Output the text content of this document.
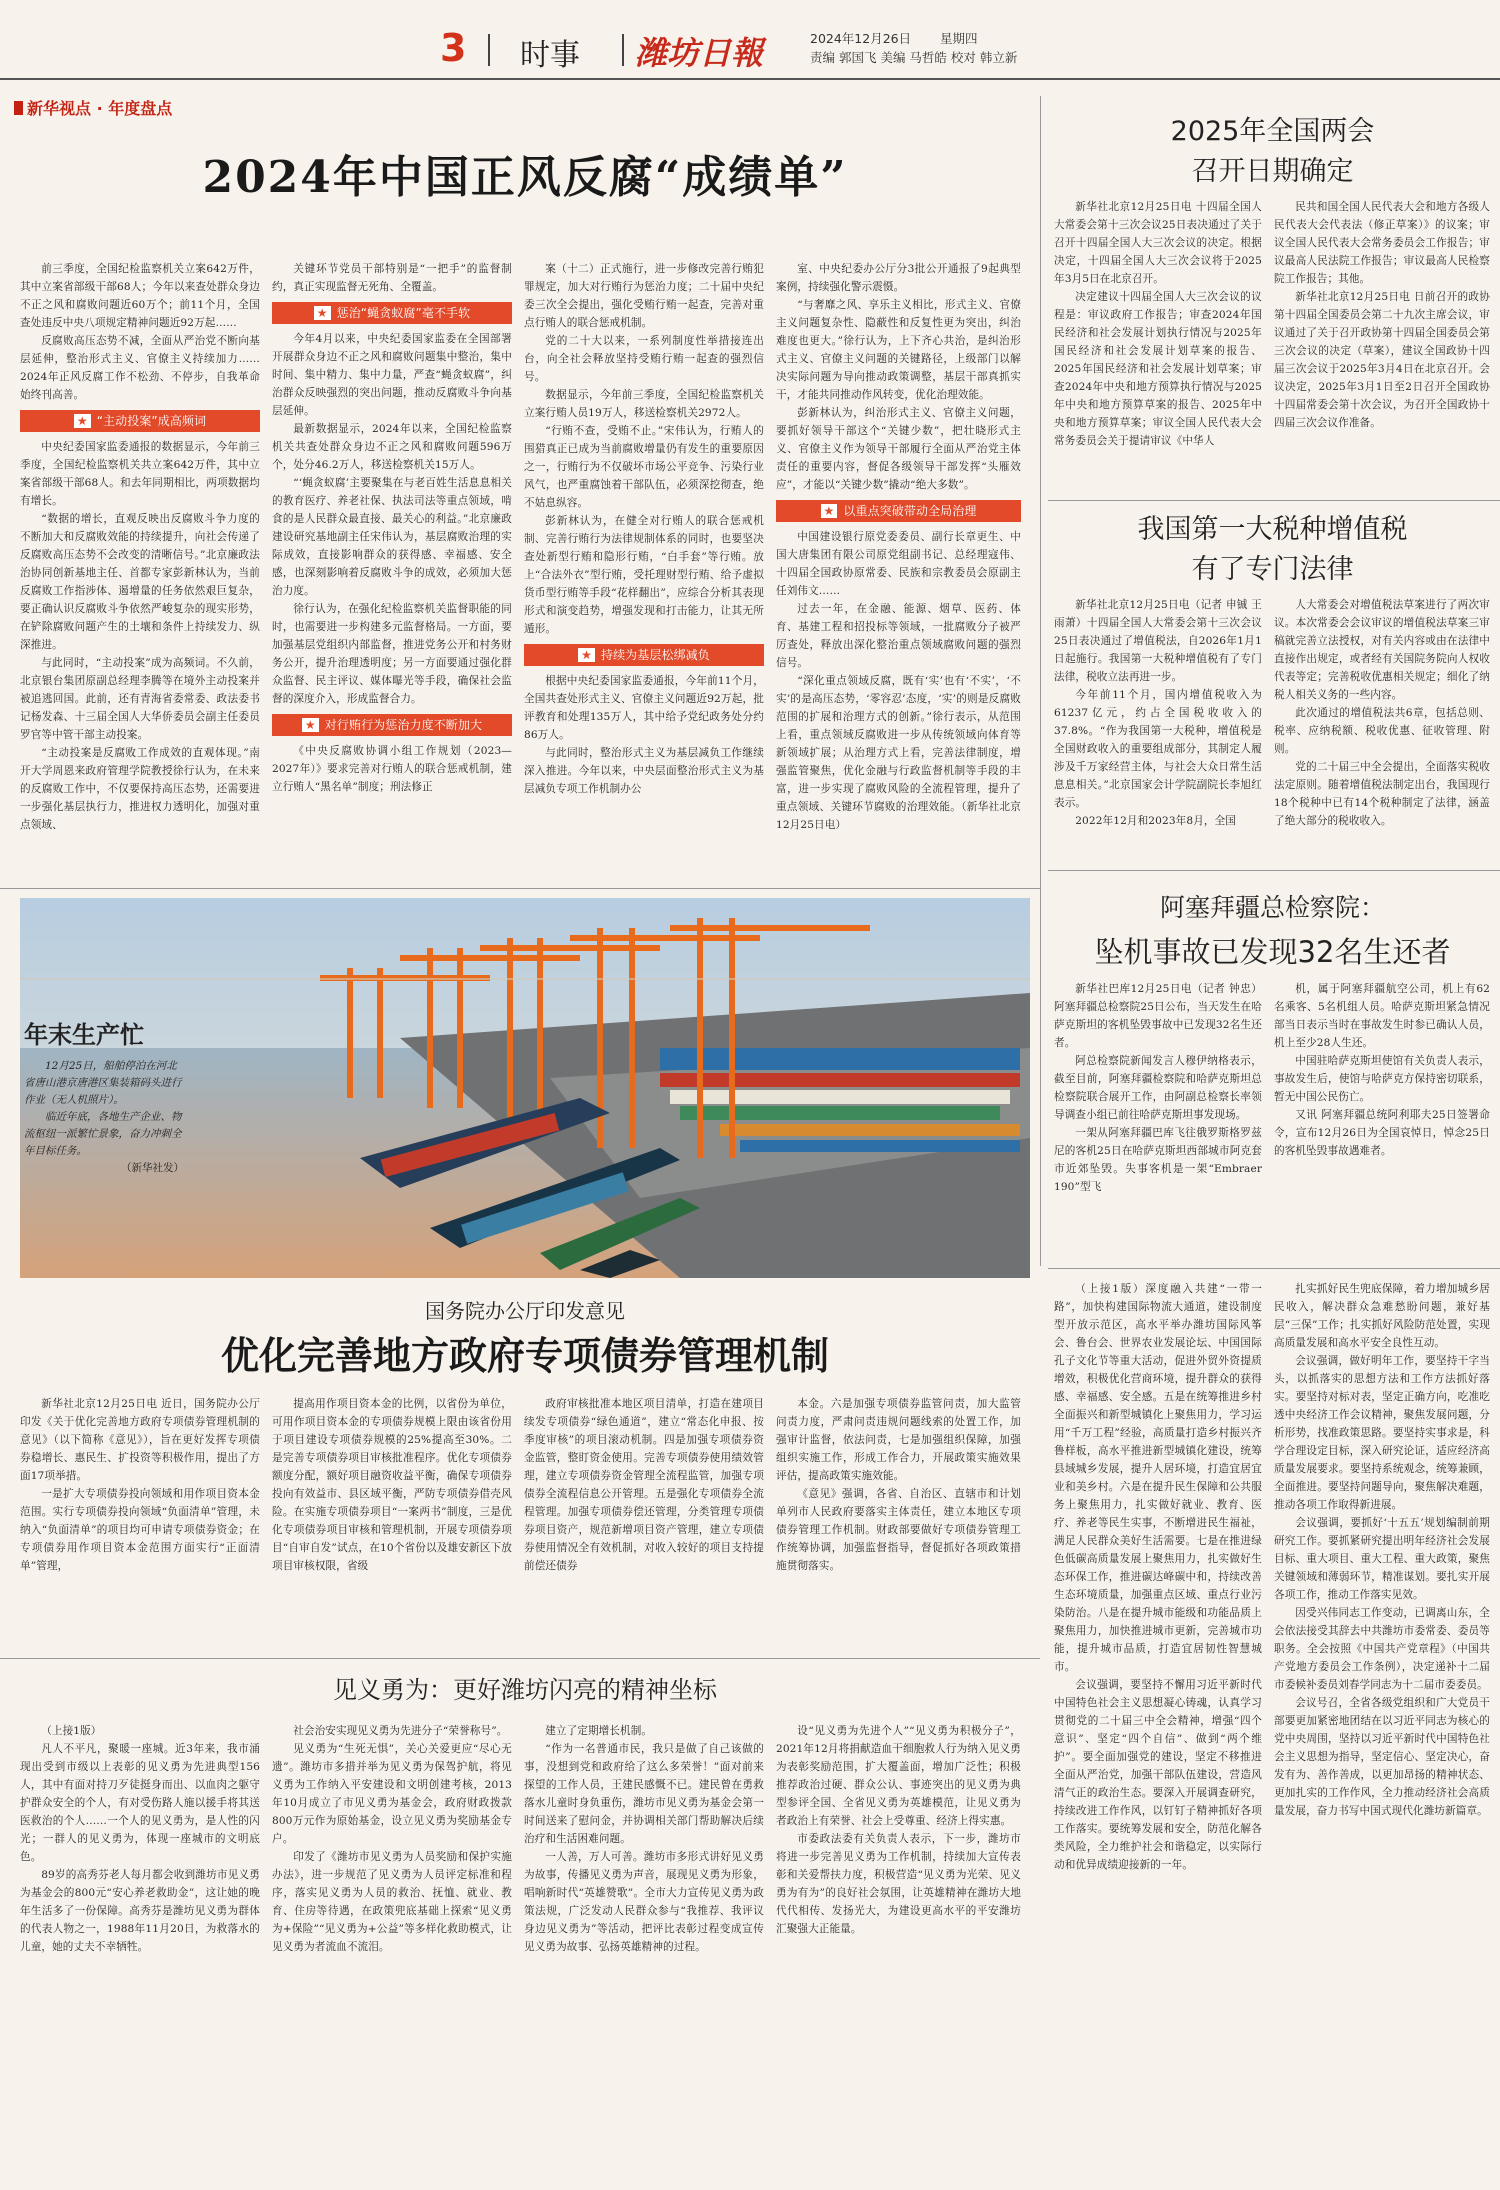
3 时事 潍坊日報	2024年12月26日 星期四
责编 郭国飞 美编 马哲皓 校对 韩立新
新华视点 · 年度盘点
2024年中国正风反腐“成绩单”

前三季度，全国纪检监察机关立案642万件，其中立案省部级干部68人；今年以来查处群众身边不正之风和腐败问题近60万个；前11个月，全国查处违反中央八项规定精神问题近92万起……

反腐败高压态势不减，全面从严治党不断向基层延伸，整治形式主义、官僚主义持续加力……2024年正风反腐工作不松劲、不停步，自我革命始终刊高善。

★ “主动投案”成高频词

中央纪委国家监委通报的数据显示，今年前三季度，全国纪检监察机关共立案642万件，其中立案省部级干部68人。和去年同期相比，两项数据均有增长。

“数据的增长，直观反映出反腐败斗争力度的不断加大和反腐败效能的持续提升，向社会传递了反腐败高压态势不会改变的清晰信号。”北京廉政法治协同创新基地主任、首都专家彭新林认为，当前反腐败工作指涉体、遏增量的任务依然艰巨复杂，要正确认识反腐败斗争依然严峻复杂的现实形势，在铲除腐败问题产生的土壤和条件上持续发力、纵深推进。

与此同时，“主动投案”成为高频词。不久前，北京银台集团原副总经理李腾等在境外主动投案并被追逃回国。此前，还有青海省委常委、政法委书记杨发森、十三届全国人大华侨委员会副主任委员罗官等中管干部主动投案。

“主动投案是反腐败工作成效的直观体现。”南开大学周恩来政府管理学院教授徐行认为，在未来的反腐败工作中，不仅要保持高压态势，还需要进一步强化基层执行力，推进权力透明化，加强对重点领域、

关键环节党员干部特别是“一把手”的监督制约，真正实现监督无死角、全覆盖。

★ 惩治“蝇贪蚁腐”毫不手软

今年4月以来，中央纪委国家监委在全国部署开展群众身边不正之风和腐败问题集中整治，集中时间、集中精力、集中力量，严查“蝇贪蚁腐”，纠治群众反映强烈的突出问题，推动反腐败斗争向基层延伸。

最新数据显示，2024年以来，全国纪检监察机关共查处群众身边不正之风和腐败问题596万个，处分46.2万人，移送检察机关15万人。

“‘蝇贪蚁腐’主要聚集在与老百姓生活息息相关的教育医疗、养老社保、执法司法等重点领域，啃食的是人民群众最直接、最关心的利益。”北京廉政建设研究基地副主任宋伟认为，基层腐败治理的实际成效，直接影响群众的获得感、幸福感、安全感，也深刻影响着反腐败斗争的成效，必须加大惩治力度。

徐行认为，在强化纪检监察机关监督职能的同时，也需要进一步构建多元监督格局。一方面，要加强基层党组织内部监督，推进党务公开和村务财务公开，提升治理透明度；另一方面要通过强化群众监督、民主评议、媒体曝光等手段，确保社会监督的深度介入，形成监督合力。

★ 对行贿行为惩治力度不断加大

《中央反腐败协调小组工作规划（2023—2027年）》要求完善对行贿人的联合惩戒机制，建立行贿人“黑名单”制度；刑法修正

案（十二）正式施行，进一步修改完善行贿犯罪规定，加大对行贿行为惩治力度；二十届中央纪委三次全会提出，强化受贿行贿一起查，完善对重点行贿人的联合惩戒机制。

党的二十大以来，一系列制度性举措接连出台，向全社会释放坚持受贿行贿一起查的强烈信号。

数据显示，今年前三季度，全国纪检监察机关立案行贿人员19万人，移送检察机关2972人。

“行贿不查，受贿不止。”宋伟认为，行贿人的围猎真正已成为当前腐败增量仍有发生的重要原因之一，行贿行为不仅破坏市场公平竞争、污染行业风气，也严重腐蚀着干部队伍，必须深挖彻查，绝不姑息纵容。

彭新林认为，在健全对行贿人的联合惩戒机制、完善行贿行为法律规制体系的同时，也要坚决查处新型行贿和隐形行贿，“白手套”等行贿。放上“合法外衣”型行贿，受托理财型行贿、给予虚拟货币型行贿等手段“花样翻出”，应综合分析其表现形式和演变趋势，增强发现和打击能力，让其无所遁形。

★ 持续为基层松绑减负

根据中央纪委国家监委通报，今年前11个月，全国共查处形式主义、官僚主义问题近92万起，批评教育和处理135万人，其中给予党纪政务处分约86万人。

与此同时，整治形式主义为基层减负工作继续深入推进。今年以来，中央层面整治形式主义为基层减负专项工作机制办公

室、中央纪委办公厅分3批公开通报了9起典型案例，持续强化警示震慑。

“与奢靡之风、享乐主义相比，形式主义、官僚主义问题复杂性、隐蔽性和反复性更为突出，纠治难度也更大。”徐行认为，上下齐心共治，是纠治形式主义、官僚主义问题的关键路径，上级部门以解决实际问题为导向推动政策调整，基层干部真抓实干，才能共同推动作风转变，优化治理效能。

彭新林认为，纠治形式主义、官僚主义问题，要抓好领导干部这个“关键少数”，把壮晓形式主义、官僚主义作为领导干部履行全面从严治党主体责任的重要内容，督促各级领导干部发挥“头雁效应”，才能以“关键少数”撬动“绝大多数”。

★ 以重点突破带动全局治理

中国建设银行原党委委员、副行长章更生、中国大唐集团有限公司原党组副书记、总经理寇伟、十四届全国政协原常委、民族和宗教委员会原副主任刘伟文……

过去一年，在金融、能源、烟草、医药、体育、基建工程和招投标等领域，一批腐败分子被严厉查处，释放出深化整治重点领域腐败问题的强烈信号。

“深化重点领域反腐，既有‘实’也有‘不实’，‘不实’的是高压态势，‘零容忍’态度，‘实’的则是反腐败范围的扩展和治理方式的创新。”徐行表示，从范围上看，重点领域反腐败进一步从传统领域向体育等新领域扩展；从治理方式上看，完善法律制度，增强监管聚焦，优化金融与行政监督机制等手段的丰富，进一步实现了腐败风险的全流程管理，提升了重点领域、关键环节腐败的治理效能。（新华社北京12月25日电）

2025年全国两会
召开日期确定

新华社北京12月25日电 十四届全国人大常委会第十三次会议25日表决通过了关于召开十四届全国人大三次会议的决定。根据决定，十四届全国人大三次会议将于2025年3月5日在北京召开。

决定建议十四届全国人大三次会议的议程是：审议政府工作报告；审查2024年国民经济和社会发展计划执行情况与2025年国民经济和社会发展计划草案的报告、2025年国民经济和社会发展计划草案；审查2024年中央和地方预算执行情况与2025年中央和地方预算草案的报告、2025年中央和地方预算草案；审议全国人民代表大会常务委员会关于提请审议《中华人

民共和国全国人民代表大会和地方各级人民代表大会代表法（修正草案）》的议案；审议全国人民代表大会常务委员会工作报告；审议最高人民法院工作报告；审议最高人民检察院工作报告；其他。

新华社北京12月25日电 日前召开的政协第十四届全国委员会第二十九次主席会议，审议通过了关于召开政协第十四届全国委员会第三次会议的决定（草案），建议全国政协十四届三次会议于2025年3月4日在北京召开。会议决定，2025年3月1日至2日召开全国政协十四届常委会第十次会议，为召开全国政协十四届三次会议作准备。

我国第一大税种增值税
有了专门法律

新华社北京12月25日电（记者 申铖 王雨萧）十四届全国人大常委会第十三次会议25日表决通过了增值税法，自2026年1月1日起施行。我国第一大税种增值税有了专门法律，税收立法再进一步。

今年前11个月，国内增值税收入为61237亿元，约占全国税收收入的37.8%。“作为我国第一大税种，增值税是全国财政收入的重要组成部分，其制定人履涉及千万家经营主体，与社会大众日常生活息息相关。”北京国家会计学院副院长李旭红表示。

2022年12月和2023年8月，全国

人大常委会对增值税法草案进行了两次审议。本次常委会会议审议的增值税法草案三审稿就完善立法授权，对有关内容或由在法律中直接作出规定，或者经有关国院务院向人权收代表等定；完善税收优惠相关规定；细化了纳税人相关义务的一些内容。

此次通过的增值税法共6章，包括总则、税率、应纳税额、税收优惠、征收管理、附则。

党的二十届三中全会提出，全面落实税收法定原则。随着增值税法制定出台，我国现行18个税种中已有14个税种制定了法律，涵盖了绝大部分的税收收入。

阿塞拜疆总检察院：
坠机事故已发现32名生还者

新华社巴库12月25日电（记者 钟忠）阿塞拜疆总检察院25日公布，当天发生在哈萨克斯坦的客机坠毁事故中已发现32名生还者。

阿总检察院新闻发言人穆伊纳格表示，截至目前，阿塞拜疆检察院和哈萨克斯坦总检察院联合展开工作，由阿副总检察长率领导调查小组已前往哈萨克斯坦事发现场。

一架从阿塞拜疆巴库飞往俄罗斯格罗兹尼的客机25日在哈萨克斯坦西部城市阿克套市近郊坠毁。失事客机是一架“Embraer 190”型飞

机，属于阿塞拜疆航空公司，机上有62名乘客、5名机组人员。哈萨克斯坦紧急情况部当日表示当时在事故发生时参已确认人员，机上至少28人生还。

中国驻哈萨克斯坦使馆有关负责人表示，事故发生后，使馆与哈萨克方保持密切联系，暂无中国公民伤亡。

又讯 阿塞拜疆总统阿利耶夫25日签署命令，宣布12月26日为全国哀悼日，悼念25日的客机坠毁事故遇难者。

年末生产忙
12月25日，船舶停泊在河北省唐山港京唐港区集装箱码头进行作业（无人机照片）。
临近年底，各地生产企业、物流枢纽一派繁忙景象，奋力冲刺全年目标任务。
（新华社发）
国务院办公厅印发意见
优化完善地方政府专项债券管理机制

新华社北京12月25日电 近日，国务院办公厅印发《关于优化完善地方政府专项债券管理机制的意见》（以下简称《意见》），旨在更好发挥专项债券稳增长、惠民生、扩投资等积极作用，提出了方面17项举措。

一是扩大专项债券投向领域和用作项目资本金范围。实行专项债券投向领域“负面清单”管理，未纳入“负面清单”的项目均可申请专项债券资金；在专项债券用作项目资本金范围方面实行“正面清单”管理，

提高用作项目资本金的比例，以省份为单位，可用作项目资本金的专项债券规模上限由该省份用于项目建设专项债券规模的25%提高至30%。二是完善专项债券项目审核批准程序。优化专项债券额度分配，额好项目融资收益平衡，确保专项债券投向有效益市、县区域平衡，严防专项债券借壳风险。在实施专项债券项目“一案两书”制度，三是优化专项债券项目审核和管理机制，开展专项债券项目“自审自发”试点，在10个省份以及雄安新区下放项目审核权限，省级

政府审核批准本地区项目清单，打造在建项目续发专项债券“绿色通道”，建立“常态化申报、按季度审核”的项目滚动机制。四是加强专项债券资金监管，整盯资金使用。完善专项债券使用绩效管理，建立专项债券资金管理全流程监管，加强专项债券全流程信息公开管理。五是强化专项债券全流程管理。加强专项债券偿还管理，分类管理专项债券项目资产，规范新增项目资产管理，建立专项债券使用情况全有效机制，对收入较好的项目支持提前偿还债券

本金。六是加强专项债券监管问责，加大监管问责力度，严肃问责违规问题线索的处置工作，加强审计监督，依法问责，七是加强组织保障，加强组织实施工作，形成工作合力，开展政策实施效果评估，提高政策实施效能。

《意见》强调，各省、自治区、直辖市和计划单列市人民政府要落实主体责任，建立本地区专项债券管理工作机制。财政部要做好专项债券管理工作统筹协调，加强监督指导，督促抓好各项政策措施贯彻落实。

（上接1版）深度融入共建“一带一路”，加快构建国际物流大通道，建设制度型开放示范区，高水平举办潍坊国际风筝会、鲁台会、世界农业发展论坛、中国国际孔子文化节等重大活动，促进外贸外资提质增效，积极优化营商环境，提升群众的获得感、幸福感、安全感。五是在统筹推进乡村全面振兴和新型城镇化上聚焦用力，学习运用“千万工程”经验，高质量打造乡村振兴齐鲁样板，高水平推进新型城镇化建设，统筹县域城乡发展，提升人居环境，打造宜居宜业和美乡村。六是在提升民生保障和公共服务上聚焦用力，扎实做好就业、教育、医疗、养老等民生实事，不断增进民生福祉，满足人民群众美好生活需要。七是在推进绿色低碳高质量发展上聚焦用力，扎实做好生态环保工作，推进碳达峰碳中和，持续改善生态环境质量，加强重点区域、重点行业污染防治。八是在提升城市能级和功能品质上聚焦用力，加快推进城市更新，完善城市功能，提升城市品质，打造宜居韧性智慧城市。

会议强调，要坚持不懈用习近平新时代中国特色社会主义思想凝心铸魂，认真学习贯彻党的二十届三中全会精神，增强“四个意识”、坚定“四个自信”、做到“两个维护”。要全面加强党的建设，坚定不移推进全面从严治党，加强干部队伍建设，营造风清气正的政治生态。要深入开展调查研究，持续改进工作作风，以钉钉子精神抓好各项工作落实。要统筹发展和安全，防范化解各类风险，全力维护社会和谐稳定，以实际行动和优异成绩迎接新的一年。

扎实抓好民生兜底保障，着力增加城乡居民收入，解决群众急难愁盼问题，兼好基层“三保”工作；扎实抓好风险防范处置，实现高质量发展和高水平安全良性互动。

会议强调，做好明年工作，要坚持干字当头，以抓落实的思想方法和工作方法抓好落实。要坚持对标对表，坚定正确方向，吃准吃透中央经济工作会议精神，聚焦发展问题，分析形势，找准政策思路。要坚持实事求是，科学合理设定目标，深入研究论证，适应经济高质量发展要求。要坚持系统观念，统筹兼顾，全面推进。要坚持问题导向，聚焦解决难题，推动各项工作取得新进展。

会议强调，要抓好‘十五五’规划编制前期研究工作。要抓紧研究提出明年经济社会发展目标、重大项目、重大工程、重大政策，聚焦关键领域和薄弱环节，精准谋划。要扎实开展各项工作，推动工作落实见效。

因受兴伟同志工作变动，已调离山东，全会依法接受其辞去中共潍坊市委常委、委员等职务。全会按照《中国共产党章程》（中国共产党地方委员会工作条例），决定递补十二届市委候补委员刘春学同志为十二届市委委员。

会议号召，全省各级党组织和广大党员干部要更加紧密地团结在以习近平同志为核心的党中央周围，坚持以习近平新时代中国特色社会主义思想为指导，坚定信心、坚定决心，奋发有为、善作善成，以更加昂扬的精神状态、更加扎实的工作作风，全力推动经济社会高质量发展，奋力书写中国式现代化潍坊新篇章。

见义勇为：更好潍坊闪亮的精神坐标

（上接1版）

凡人不平凡，聚暖一座城。近3年来，我市涌现出受到市级以上表彰的见义勇为先进典型156人，其中有面对持刀歹徒挺身而出、以血肉之躯守护群众安全的个人，有对受伤路人施以援手将其送医救治的个人……一个人的见义勇为，是人性的闪光；一群人的见义勇为，体现一座城市的文明底色。

89岁的高秀芬老人每月都会收到潍坊市见义勇为基金会的800元“安心养老救助金”，这让她的晚年生活多了一份保障。高秀芬是潍坊见义勇为群体的代表人物之一，1988年11月20日，为救落水的儿童，她的丈夫不幸牺牲。

社会治安实现见义勇为先进分子“荣誉称号”。

见义勇为“生死无惧”，关心关爱更应“尽心无遗”。潍坊市多措并举为见义勇为保驾护航，将见义勇为工作纳入平安建设和文明创建考核，2013年10月成立了市见义勇为基金会，政府财政拨款800万元作为原始基金，设立见义勇为奖励基金专户。

印发了《潍坊市见义勇为人员奖励和保护实施办法》，进一步规范了见义勇为人员评定标准和程序，落实见义勇为人员的救治、抚恤、就业、教育、住房等待遇，在政策兜底基础上探索“见义勇为+保险”“见义勇为+公益”等多样化救助模式，让见义勇为者流血不流泪。

建立了定期增长机制。

“作为一名普通市民，我只是做了自己该做的事，没想到党和政府给了这么多荣誉！”面对前来探望的工作人员，王建民感慨不已。建民曾在勇救落水儿童时身负重伤，潍坊市见义勇为基金会第一时间送来了慰问金，并协调相关部门帮助解决后续治疗和生活困难问题。

一人善，万人可善。潍坊市多形式讲好见义勇为故事，传播见义勇为声音，展现见义勇为形象，唱响新时代“英雄赞歌”。全市大力宣传见义勇为政策法规，广泛发动人民群众参与“我推荐、我评议身边见义勇为”等活动，把评比表彰过程变成宣传见义勇为故事、弘扬英雄精神的过程。

设“见义勇为先进个人”“见义勇为积极分子”，2021年12月将捐献造血干细胞救人行为纳入见义勇为表彰奖励范围，扩大覆盖面，增加广泛性；积极推荐政治过硬、群众公认、事迹突出的见义勇为典型参评全国、全省见义勇为英雄模范，让见义勇为者政治上有荣誉、社会上受尊重、经济上得实惠。

市委政法委有关负责人表示，下一步，潍坊市将进一步完善见义勇为工作机制，持续加大宣传表彰和关爱帮扶力度，积极营造“见义勇为光荣、见义勇为有为”的良好社会氛围，让英雄精神在潍坊大地代代相传、发扬光大，为建设更高水平的平安潍坊汇聚强大正能量。
